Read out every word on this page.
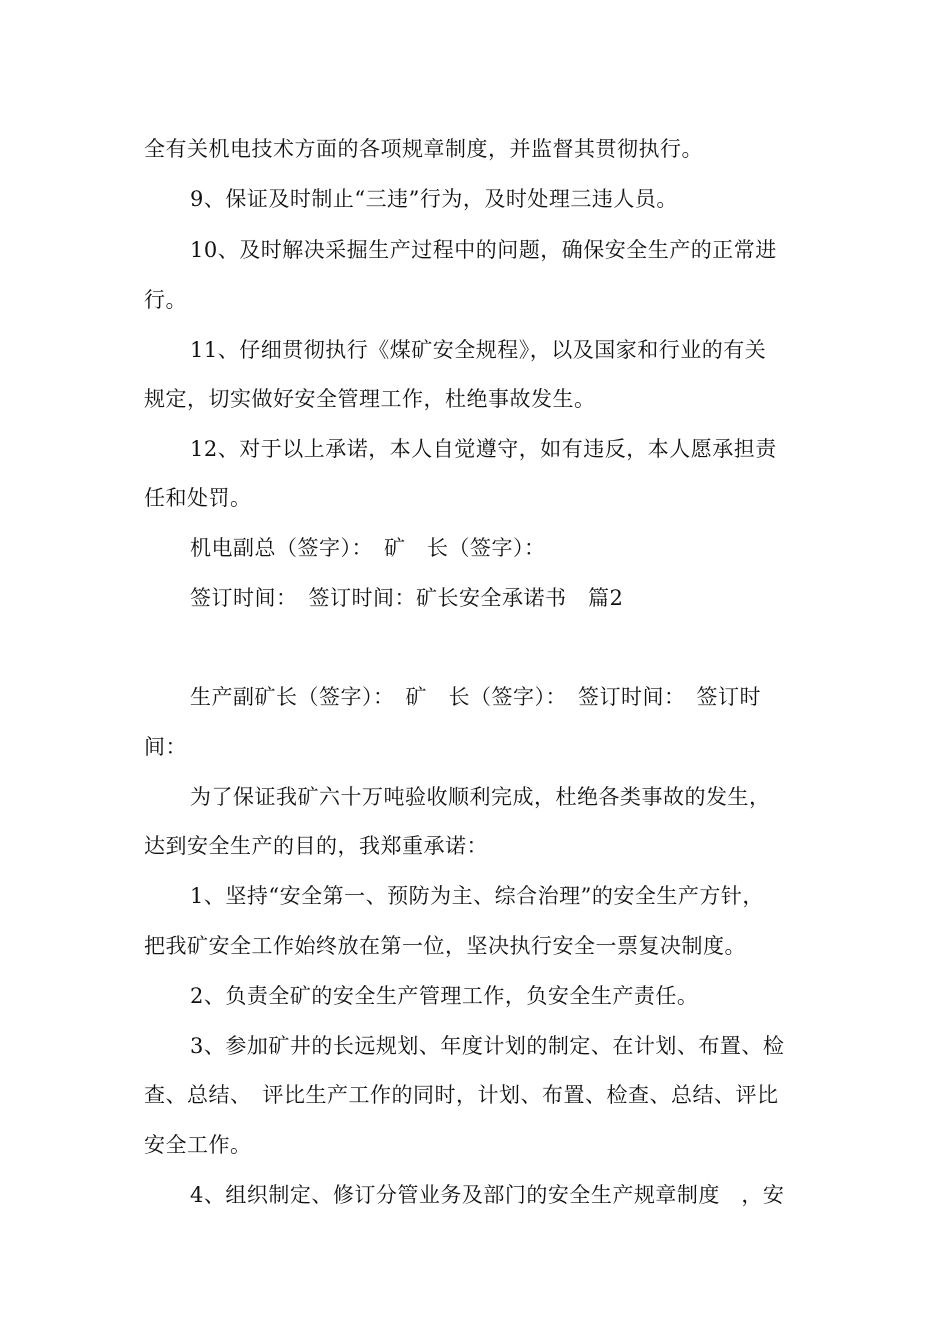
全有关机电技术方面的各项规章制度，并监督其贯彻执行。
9、保证及时制止“三违”行为，及时处理三违人员。
10、及时解决采掘生产过程中的问题，确保安全生产的正常进
行。
11、仔细贯彻执行《煤矿安全规程》，以及国家和行业的有关
规定，切实做好安全管理工作，杜绝事故发生。
12、对于以上承诺，本人自觉遵守，如有违反，本人愿承担责
任和处罚。
机电副总（签字）：　矿　长（签字）：
签订时间：　签订时间：矿长安全承诺书　篇2
生产副矿长（签字）：　矿　长（签字）：　签订时间：　签订时
间：
为了保证我矿六十万吨验收顺利完成，杜绝各类事故的发生，
达到安全生产的目的，我郑重承诺：
1、坚持“安全第一、预防为主、综合治理”的安全生产方针，
把我矿安全工作始终放在第一位，坚决执行安全一票复决制度。
2、负责全矿的安全生产管理工作，负安全生产责任。
3、参加矿井的长远规划、年度计划的制定、在计划、布置、检
查、总结、　评比生产工作的同时，计划、布置、检查、总结、评比
安全工作。
4、组织制定、修订分管业务及部门的安全生产规章制度　，安
